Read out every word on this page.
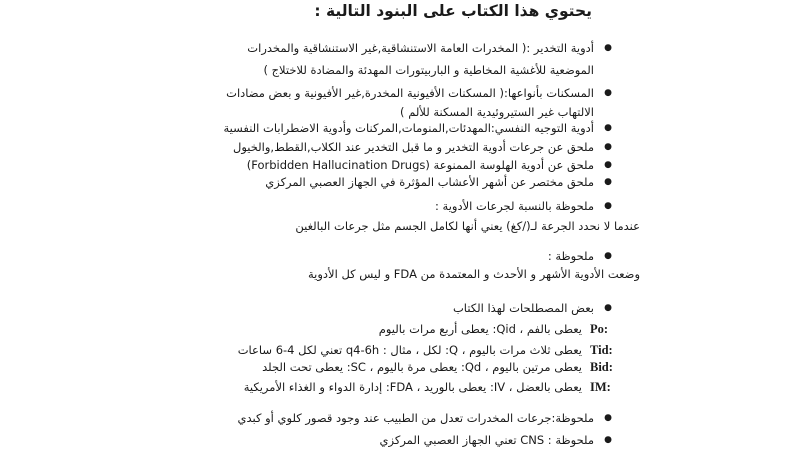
يحتوي هذا الكتاب على البنود التالية :
●
أدوية التخدير :( المخدرات العامة الاستنشاقية,غير الاستنشاقية والمخدرات
الموضعية للأغشية المخاطية و الباربيتورات المهدئة والمضادة للاختلاج )
●
المسكنات بأنواعها:( المسكنات الأفيونية المخدرة,غير الأفيونية و بعض مضادات
الالتهاب غير الستيروئيدية المسكنة للألم )
●
أدوية التوجيه النفسي:المهدئات,المنومات,المركنات وأدوية الاضطرابات النفسية
●
ملحق عن جرعات أدوية التخدير و ما قبل التخدير عند الكلاب,القطط,والخيول
●
ملحق عن أدوية الهلوسة الممنوعة (Forbidden Hallucination Drugs)
●
ملحق مختصر عن أشهر الأعشاب المؤثرة في الجهاز العصبي المركزي
●
ملحوظة بالنسبة لجرعات الأدوية :
عندما لا نحدد الجرعة لـ(/كغ) يعني أنها لكامل الجسم مثل جرعات البالغين
●
ملحوظة :
وضعت الأدوية الأشهر و الأحدث و المعتمدة من FDA و ليس كل الأدوية
●
بعض المصطلحات لهذا الكتاب
يعطى بالفم ، Qid: يعطى أربع مرات باليوم Po:
يعطى ثلاث مرات باليوم ، Q: لكل ، مثال : q4-6h تعني لكل 4-6 ساعات Tid:
يعطى مرتين باليوم ، Qd: يعطى مرة باليوم ، SC: يعطى تحت الجلد Bid:
يعطى بالعضل ، IV: يعطى بالوريد ، FDA: إدارة الدواء و الغذاء الأمريكية IM:
●
ملحوظة:جرعات المخدرات تعدل من الطبيب عند وجود قصور كلوي أو كبدي
●
ملحوظة : CNS تعني الجهاز العصبي المركزي
